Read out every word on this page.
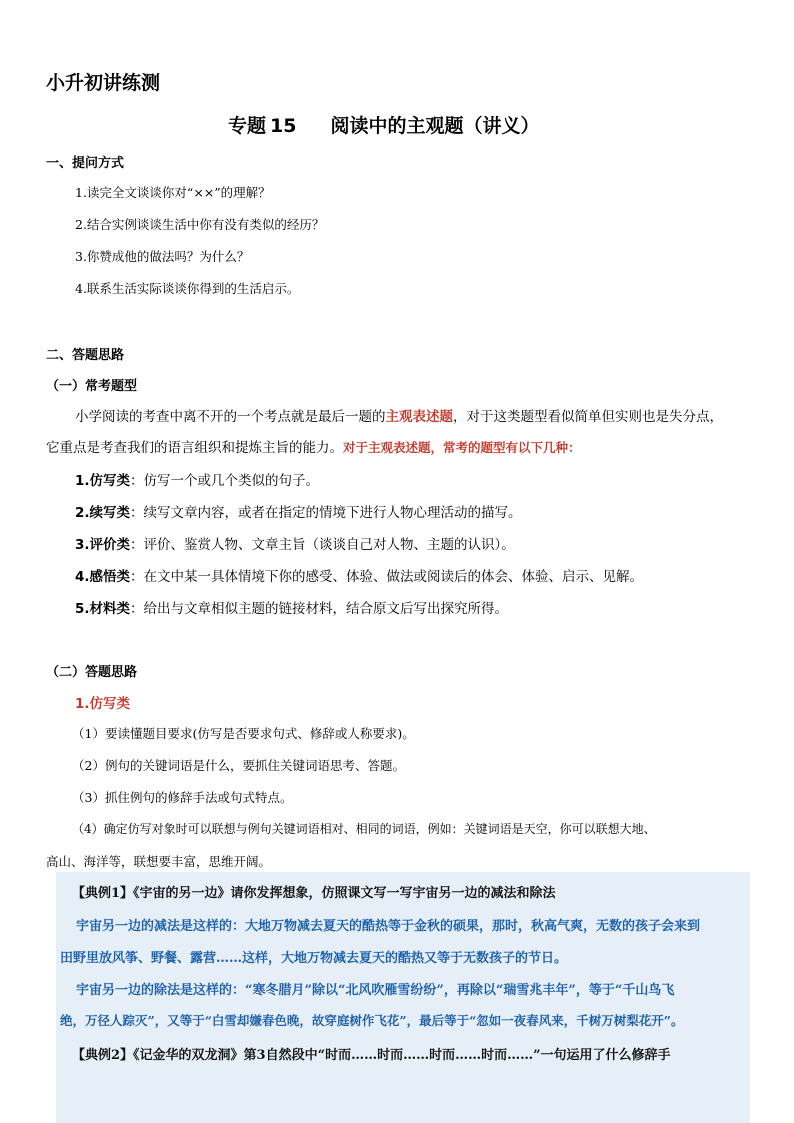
小升初讲练测
专题 15 阅读中的主观题（讲义）
一、提问方式
1.读完全文谈谈你对“××”的理解？
2.结合实例谈谈生活中你有没有类似的经历？
3.你赞成他的做法吗？为什么？
4.联系生活实际谈谈你得到的生活启示。
二、答题思路
（一）常考题型
小学阅读的考查中离不开的一个考点就是最后一题的主观表述题，对于这类题型看似简单但实则也是失分点，
它重点是考查我们的语言组织和提炼主旨的能力。对于主观表述题，常考的题型有以下几种：
1.仿写类：仿写一个或几个类似的句子。
2.续写类：续写文章内容，或者在指定的情境下进行人物心理活动的描写。
3.评价类：评价、鉴赏人物、文章主旨（谈谈自己对人物、主题的认识）。
4.感悟类：在文中某一具体情境下你的感受、体验、做法或阅读后的体会、体验、启示、见解。
5.材料类：给出与文章相似主题的链接材料，结合原文后写出探究所得。
（二）答题思路
1.仿写类
（1）要读懂题目要求(仿写是否要求句式、修辞或人称要求)。
（2）例句的关键词语是什么，要抓住关键词语思考、答题。
（3）抓住例句的修辞手法或句式特点。
（4）确定仿写对象时可以联想与例句关键词语相对、相同的词语，例如：关键词语是天空，你可以联想大地、
高山、海洋等，联想要丰富，思维开阔。
【典例1】《宇宙的另一边》请你发挥想象，仿照课文写一写宇宙另一边的减法和除法
宇宙另一边的减法是这样的：大地万物减去夏天的酷热等于金秋的硕果，那时，秋高气爽，无数的孩子会来到
田野里放风筝、野餐、露营……这样，大地万物减去夏天的酷热又等于无数孩子的节日。
宇宙另一边的除法是这样的：“寒冬腊月”除以“北风吹雁雪纷纷”，再除以“瑞雪兆丰年”，等于“千山鸟飞
绝，万径人踪灭”，又等于“白雪却嫌春色晚，故穿庭树作飞花”，最后等于“忽如一夜春风来，千树万树梨花开”。
【典例2】《记金华的双龙洞》第3自然段中“时而……时而……时而……时而……”一句运用了什么修辞手
